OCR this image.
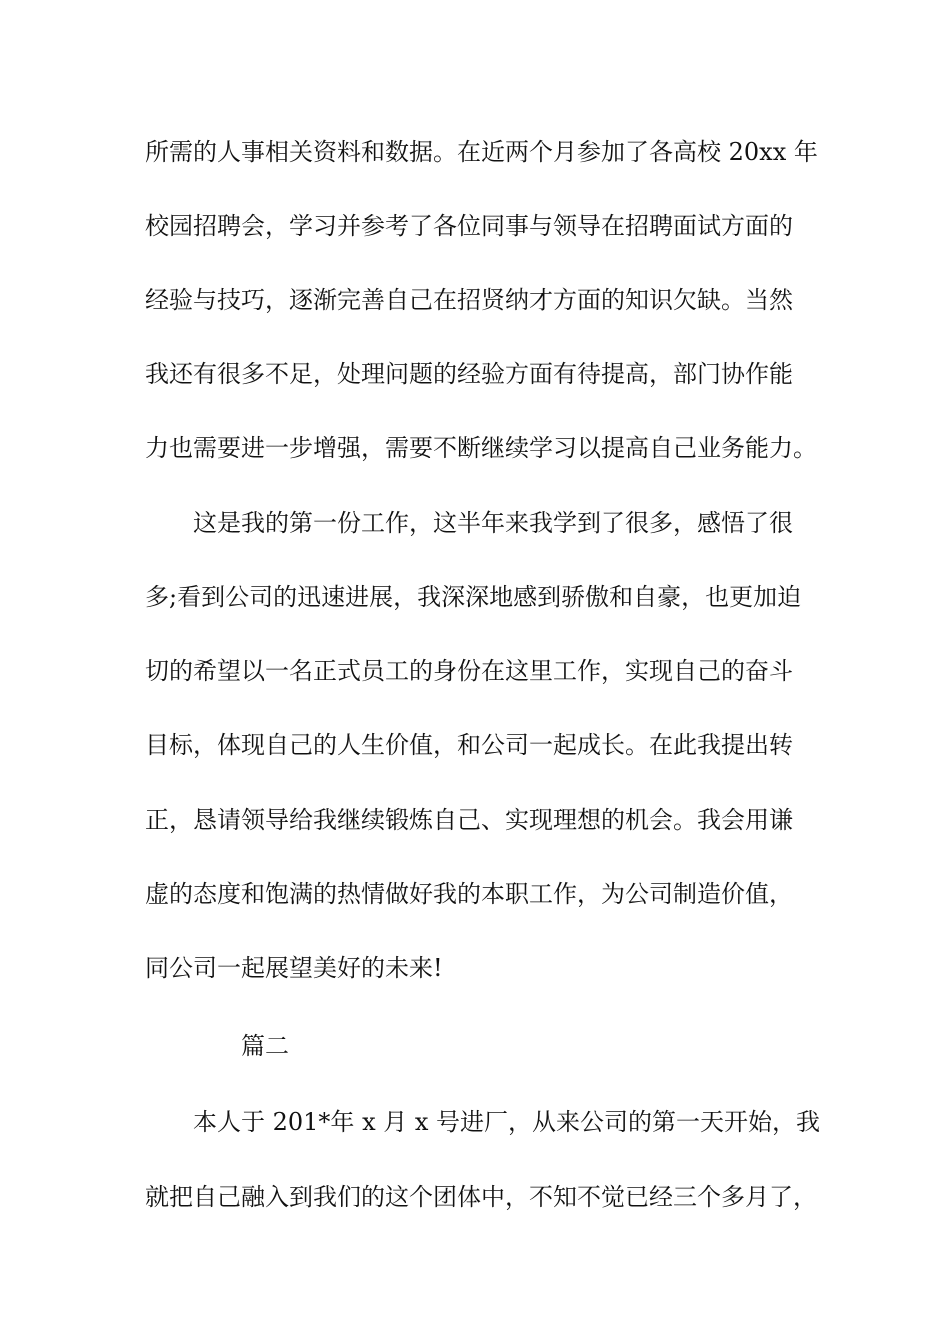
所需的人事相关资料和数据。在近两个月参加了各高校 20xx 年
校园招聘会，学习并参考了各位同事与领导在招聘面试方面的
经验与技巧，逐渐完善自己在招贤纳才方面的知识欠缺。当然
我还有很多不足，处理问题的经验方面有待提高，部门协作能
力也需要进一步增强，需要不断继续学习以提高自己业务能力。
这是我的第一份工作，这半年来我学到了很多，感悟了很
多;看到公司的迅速进展，我深深地感到骄傲和自豪，也更加迫
切的希望以一名正式员工的身份在这里工作，实现自己的奋斗
目标，体现自己的人生价值，和公司一起成长。在此我提出转
正，恳请领导给我继续锻炼自己、实现理想的机会。我会用谦
虚的态度和饱满的热情做好我的本职工作，为公司制造价值，
同公司一起展望美好的未来!
篇二
本人于 201*年 x 月 x 号进厂，从来公司的第一天开始，我
就把自己融入到我们的这个团体中，不知不觉已经三个多月了，
